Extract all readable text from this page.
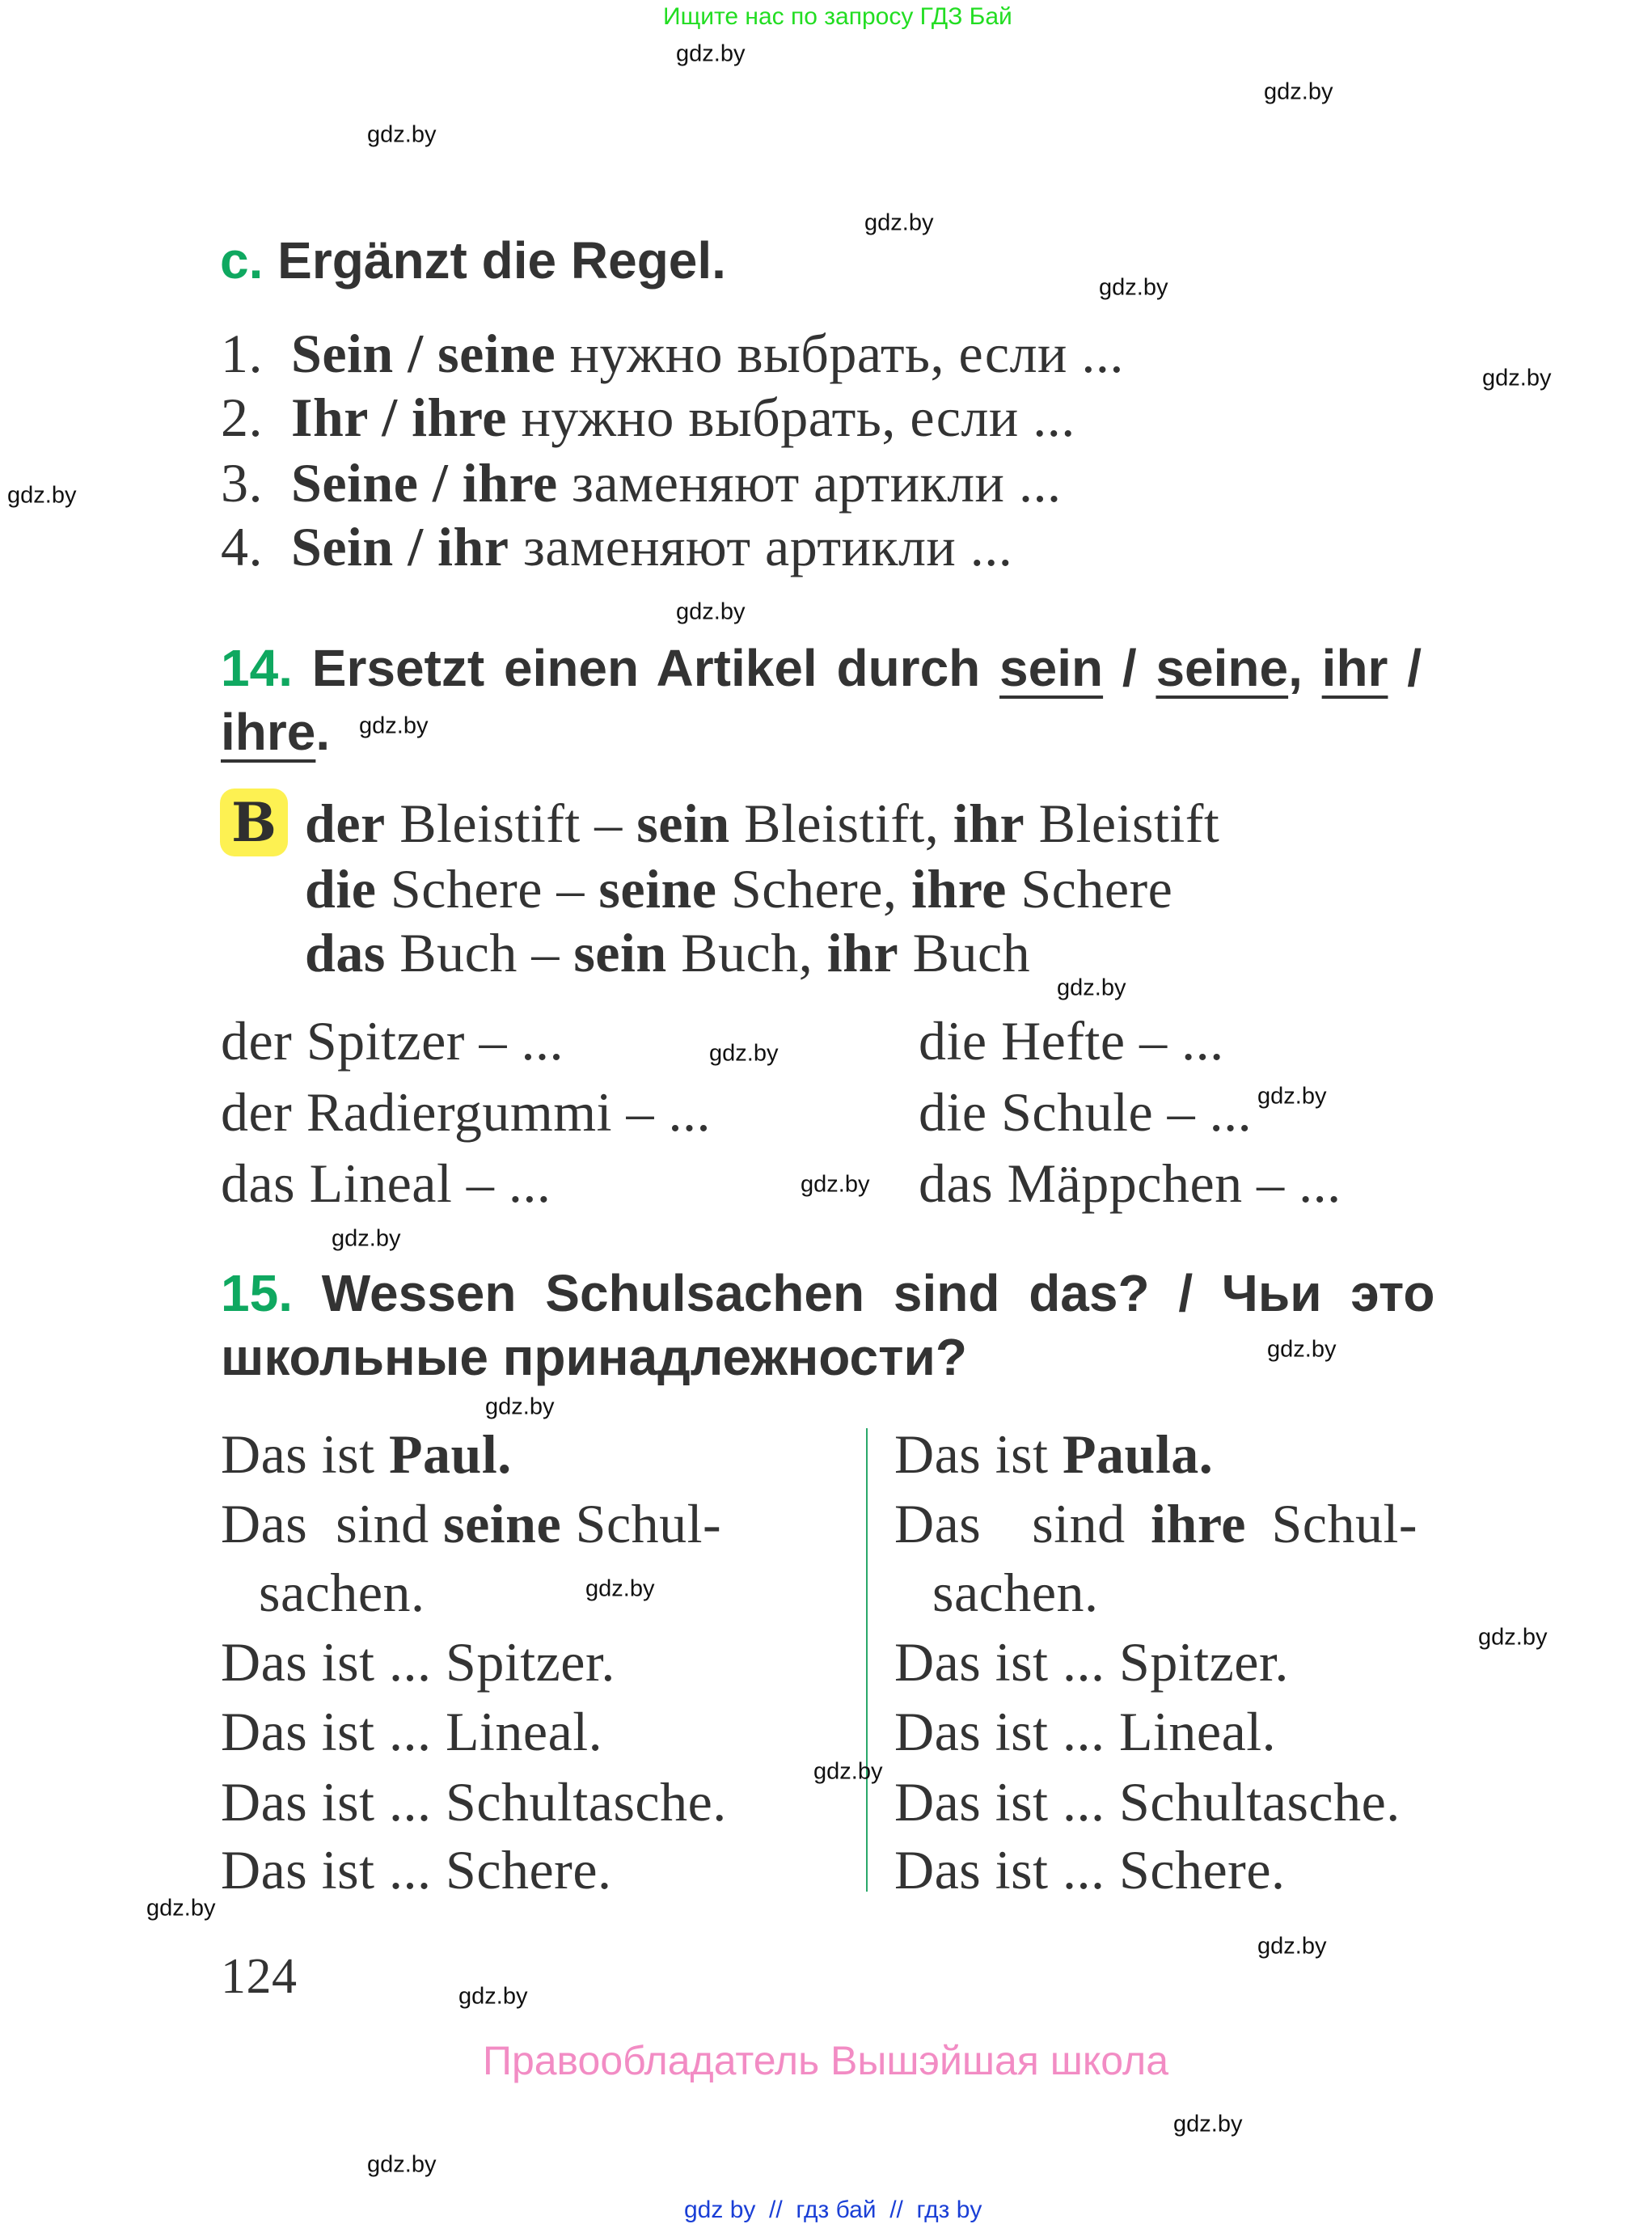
Ищите нас по запросу ГДЗ Бай
c. Ergänzt die Regel.
1. Sein / seine нужно выбрать, если ...
2. Ihr / ihre нужно выбрать, если ...
3. Seine / ihre заменяют артикли ...
4. Sein / ihr заменяют артикли ...
14. Ersetzt einen Artikel durch sein / seine, ihr /
ihre.
B der Bleistift – sein Bleistift, ihr Bleistift
die Schere – seine Schere, ihre Schere
das Buch – sein Buch, ihr Buch
der Spitzer – ...
der Radiergummi – ...
das Lineal – ...
die Hefte – ...
die Schule – ...
das Mäppchen – ...
15. Wessen Schulsachen sind das? / Чьи это
школьные принадлежности?
Das ist Paul.
Das  sind seine Schul-
sachen.
Das ist ... Spitzer.
Das ist ... Lineal.
Das ist ... Schultasche.
Das ist ... Schere.
Das ist Paula.
Das  sind ihre Schul-
sachen.
Das ist ... Spitzer.
Das ist ... Lineal.
Das ist ... Schultasche.
Das ist ... Schere.
124
Правообладатель Вышэйшая школа
gdz by  //  гдз бай  //  гдз by
gdz.by
gdz.by
gdz.by
gdz.by
gdz.by
gdz.by
gdz.by
gdz.by
gdz.by
gdz.by
gdz.by
gdz.by
gdz.by
gdz.by
gdz.by
gdz.by
gdz.by
gdz.by
gdz.by
gdz.by
gdz.by
gdz.by
gdz.by
gdz.by
